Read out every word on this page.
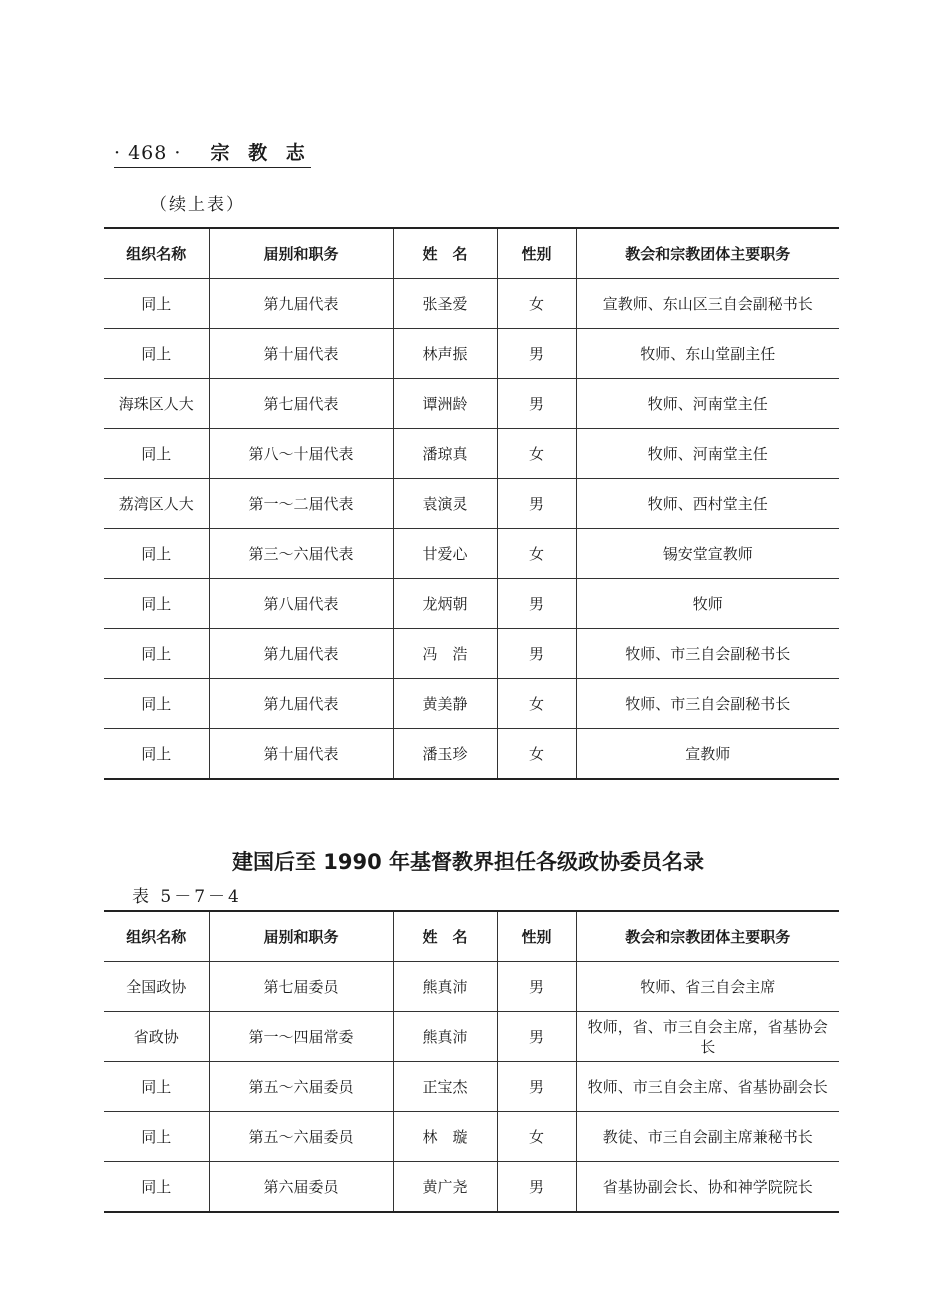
· 468 · 宗 教 志
（续上表）
组织名称	届别和职务	姓　名	性别	教会和宗教团体主要职务
同上	第九届代表	张圣爱	女	宣教师、东山区三自会副秘书长
同上	第十届代表	林声振	男	牧师、东山堂副主任
海珠区人大	第七届代表	谭洲龄	男	牧师、河南堂主任
同上	第八～十届代表	潘琼真	女	牧师、河南堂主任
荔湾区人大	第一～二届代表	袁演灵	男	牧师、西村堂主任
同上	第三～六届代表	甘爱心	女	锡安堂宣教师
同上	第八届代表	龙炳朝	男	牧师
同上	第九届代表	冯　浩	男	牧师、市三自会副秘书长
同上	第九届代表	黄美静	女	牧师、市三自会副秘书长
同上	第十届代表	潘玉珍	女	宣教师
建国后至 1990 年基督教界担任各级政协委员名录
表 5－7－4
组织名称	届别和职务	姓　名	性别	教会和宗教团体主要职务
全国政协	第七届委员	熊真沛	男	牧师、省三自会主席
省政协	第一～四届常委	熊真沛	男	牧师，省、市三自会主席，省基协会长
同上	第五～六届委员	正宝杰	男	牧师、市三自会主席、省基协副会长
同上	第五～六届委员	林　璇	女	教徒、市三自会副主席兼秘书长
同上	第六届委员	黄广尧	男	省基协副会长、协和神学院院长
